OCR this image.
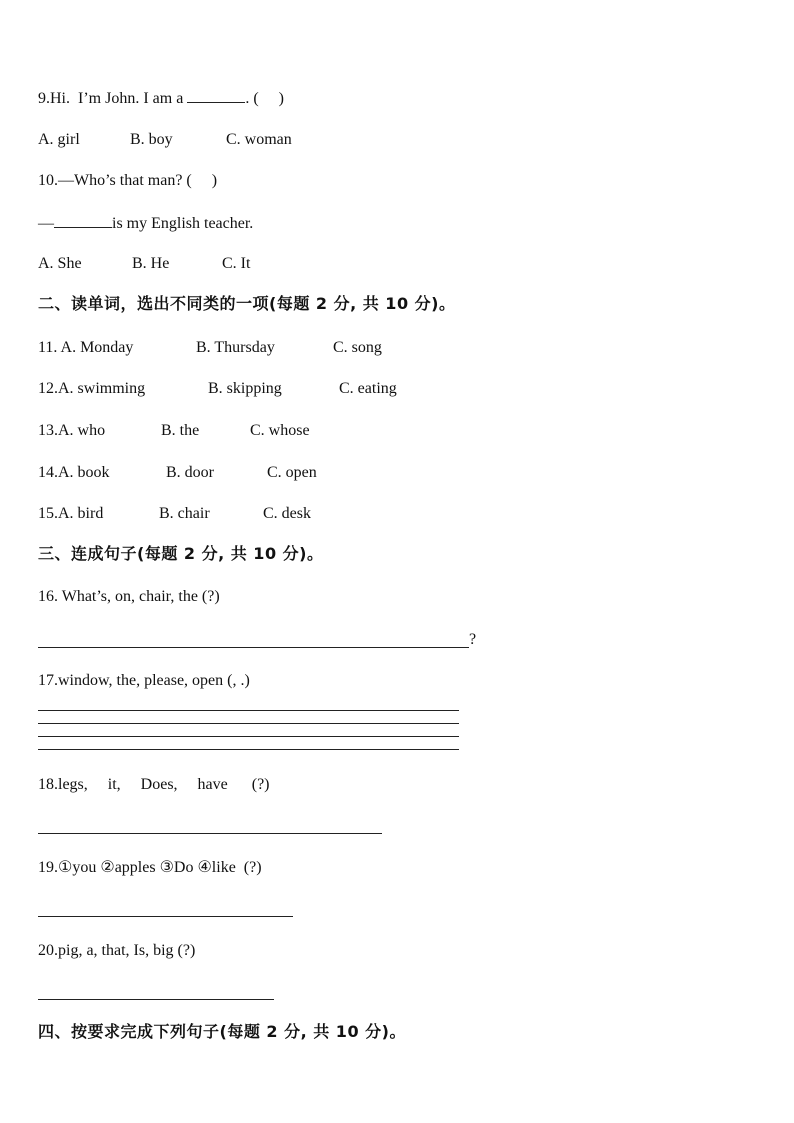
9.Hi.  I’m John. I am a	. (     )
A. girl	B. boy	C. woman
10.—Who’s that man? (     )
—	is my English teacher.
A. She	B. He	C. It
二、读单词，选出不同类的一项(每题 2 分, 共 10 分)。
11. A. Monday	B. Thursday	C. song
12.A. swimming	B. skipping	C. eating
13.A. who	B. the	C. whose
14.A. book	B. door	C. open
15.A. bird	B. chair	C. desk
三、连成句子(每题 2 分, 共 10 分)。
16. What’s, on, chair, the (?)
?
17.window, the, please, open (, .)
18.legs,     it,     Does,     have      (?)
19.①you ②apples ③Do ④like  (?)
20.pig, a, that, Is, big (?)
四、按要求完成下列句子(每题 2 分, 共 10 分)。
